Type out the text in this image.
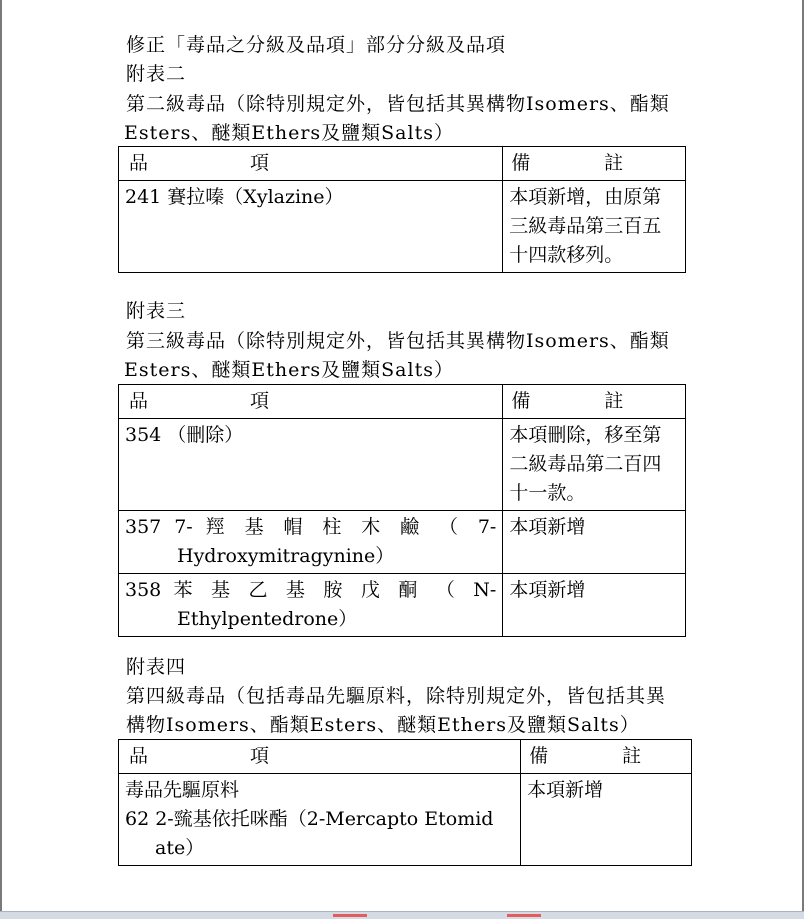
修正「毒品之分級及品項」部分分級及品項
附表二
第二級毒品（除特別規定外，皆包括其異構物Isomers、酯類
Esters、醚類Ethers及鹽類Salts）
品 項	備 註

241 賽拉嗪（Xylazine）	本項新增，由原第
三級毒品第三百五
十四款移列。
附表三
第三級毒品（除特別規定外，皆包括其異構物Isomers、酯類
Esters、醚類Ethers及鹽類Salts）
品 項	備 註

354 （刪除）	本項刪除，移至第
二級毒品第二百四
十一款。

357 7- 羥 基 帽 柱 木 鹼 （ 7-
Hydroxymitragynine）	本項新增

358 苯 基 乙 基 胺 戊 酮 （ N-
Ethylpentedrone）	本項新增
附表四
第四級毒品（包括毒品先驅原料，除特別規定外，皆包括其異
構物Isomers、酯類Esters、醚類Ethers及鹽類Salts）
品 項	備 註

毒品先驅原料
62 2-巰基依托咪酯（2-Mercapto Etomid
ate）	本項新增
